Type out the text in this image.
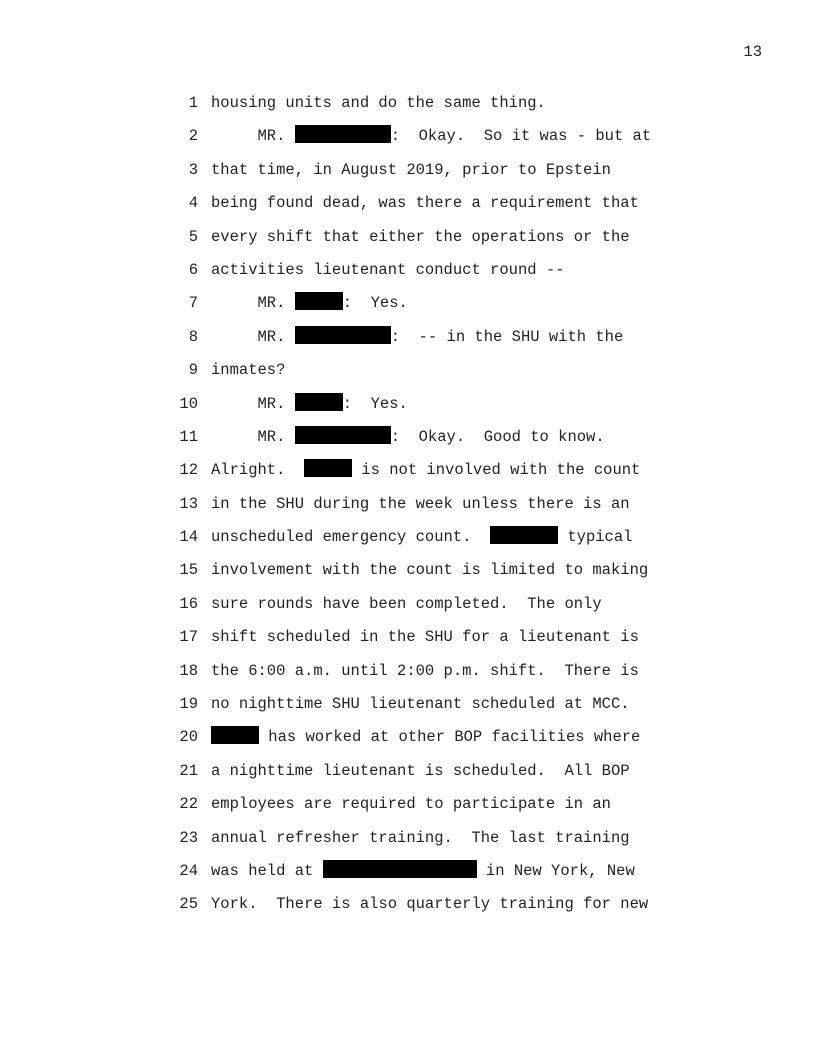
13
1 housing units and do the same thing.
2 MR.	:  Okay.  So it was - but at
3 that time, in August 2019, prior to Epstein
4 being found dead, was there a requirement that
5 every shift that either the operations or the
6 activities lieutenant conduct round --
7 MR.	:  Yes.
8 MR.	:  -- in the SHU with the
9 inmates?
10 MR.	:  Yes.
11 MR.	:  Okay.  Good to know.
12 Alright.	is not involved with the count
13 in the SHU during the week unless there is an
14 unscheduled emergency count.	typical
15 involvement with the count is limited to making
16 sure rounds have been completed.  The only
17 shift scheduled in the SHU for a lieutenant is
18 the 6:00 a.m. until 2:00 p.m. shift.  There is
19 no nighttime SHU lieutenant scheduled at MCC.
20	has worked at other BOP facilities where
21 a nighttime lieutenant is scheduled.  All BOP
22 employees are required to participate in an
23 annual refresher training.  The last training
24 was held at	in New York, New
25 York.  There is also quarterly training for new
